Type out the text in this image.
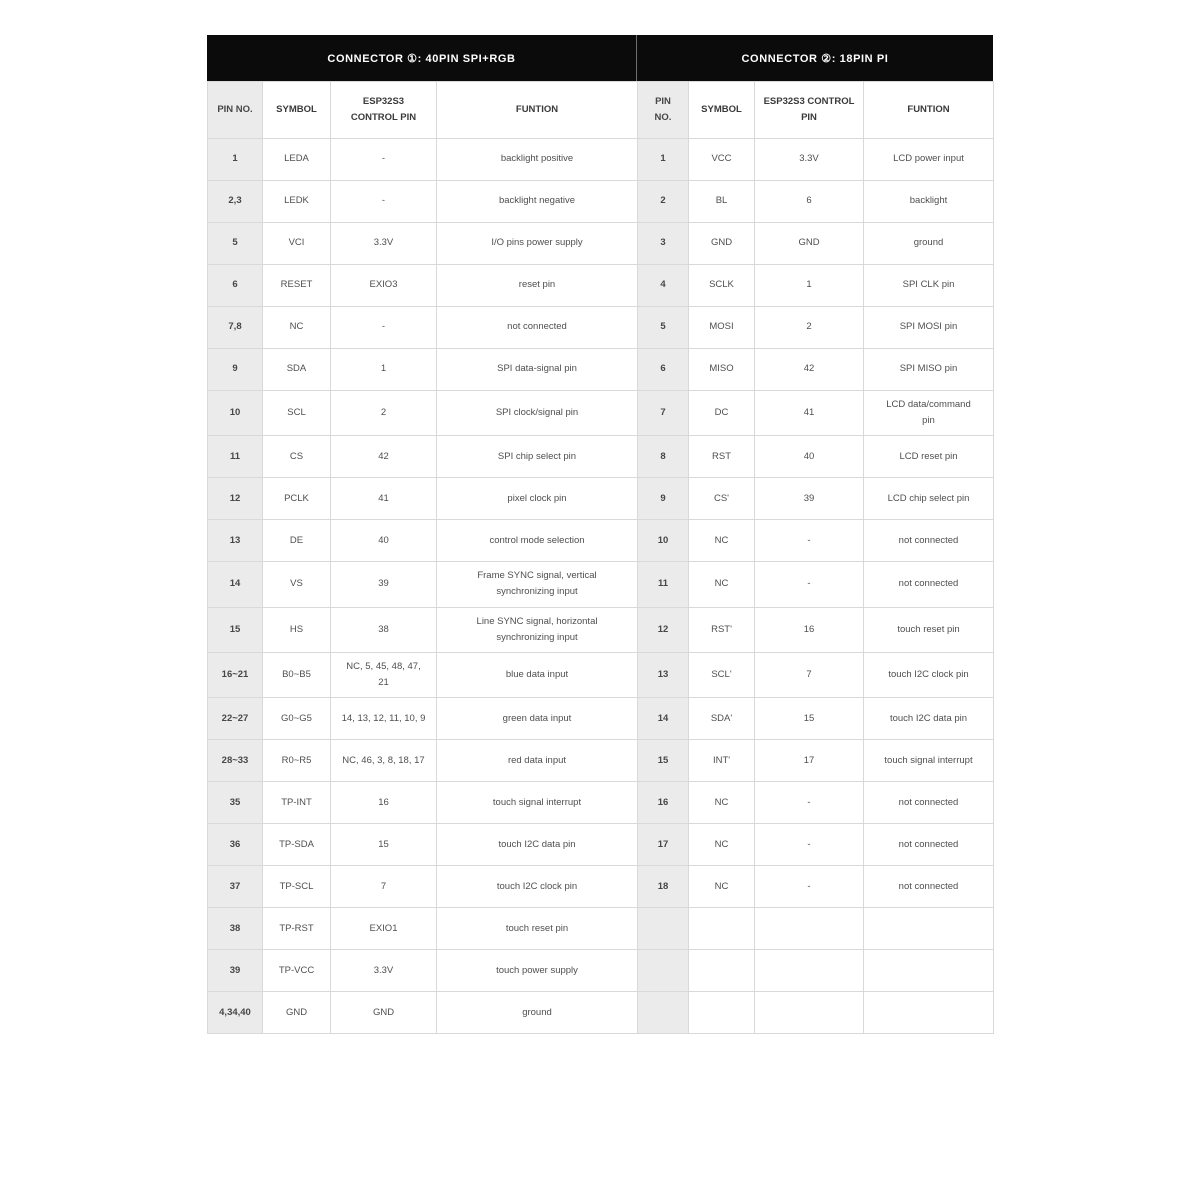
CONNECTOR ①: 40PIN SPI+RGB	CONNECTOR ②: 18PIN PI
PIN NO.	SYMBOL	ESP32S3 CONTROL PIN	FUNTION	PIN NO.	SYMBOL	ESP32S3 CONTROL PIN	FUNTION
1	LEDA	-	backlight positive	1	VCC	3.3V	LCD power input
2,3	LEDK	-	backlight negative	2	BL	6	backlight
5	VCI	3.3V	I/O pins power supply	3	GND	GND	ground
6	RESET	EXIO3	reset pin	4	SCLK	1	SPI CLK pin
7,8	NC	-	not connected	5	MOSI	2	SPI MOSI pin
9	SDA	1	SPI data-signal pin	6	MISO	42	SPI MISO pin
10	SCL	2	SPI clock/signal pin	7	DC	41	LCD data/command pin
11	CS	42	SPI chip select pin	8	RST	40	LCD reset pin
12	PCLK	41	pixel clock pin	9	CS'	39	LCD chip select pin
13	DE	40	control mode selection	10	NC	-	not connected
14	VS	39	Frame SYNC signal, vertical synchronizing input	11	NC	-	not connected
15	HS	38	Line SYNC signal, horizontal synchronizing input	12	RST'	16	touch reset pin
16~21	B0~B5	NC, 5, 45, 48, 47, 21	blue data input	13	SCL'	7	touch I2C clock pin
22~27	G0~G5	14, 13, 12, 11, 10, 9	green data input	14	SDA'	15	touch I2C data pin
28~33	R0~R5	NC, 46, 3, 8, 18, 17	red data input	15	INT'	17	touch signal interrupt
35	TP-INT	16	touch signal interrupt	16	NC	-	not connected
36	TP-SDA	15	touch I2C data pin	17	NC	-	not connected
37	TP-SCL	7	touch I2C clock pin	18	NC	-	not connected
38	TP-RST	EXIO1	touch reset pin				
39	TP-VCC	3.3V	touch power supply				
4,34,40	GND	GND	ground				
